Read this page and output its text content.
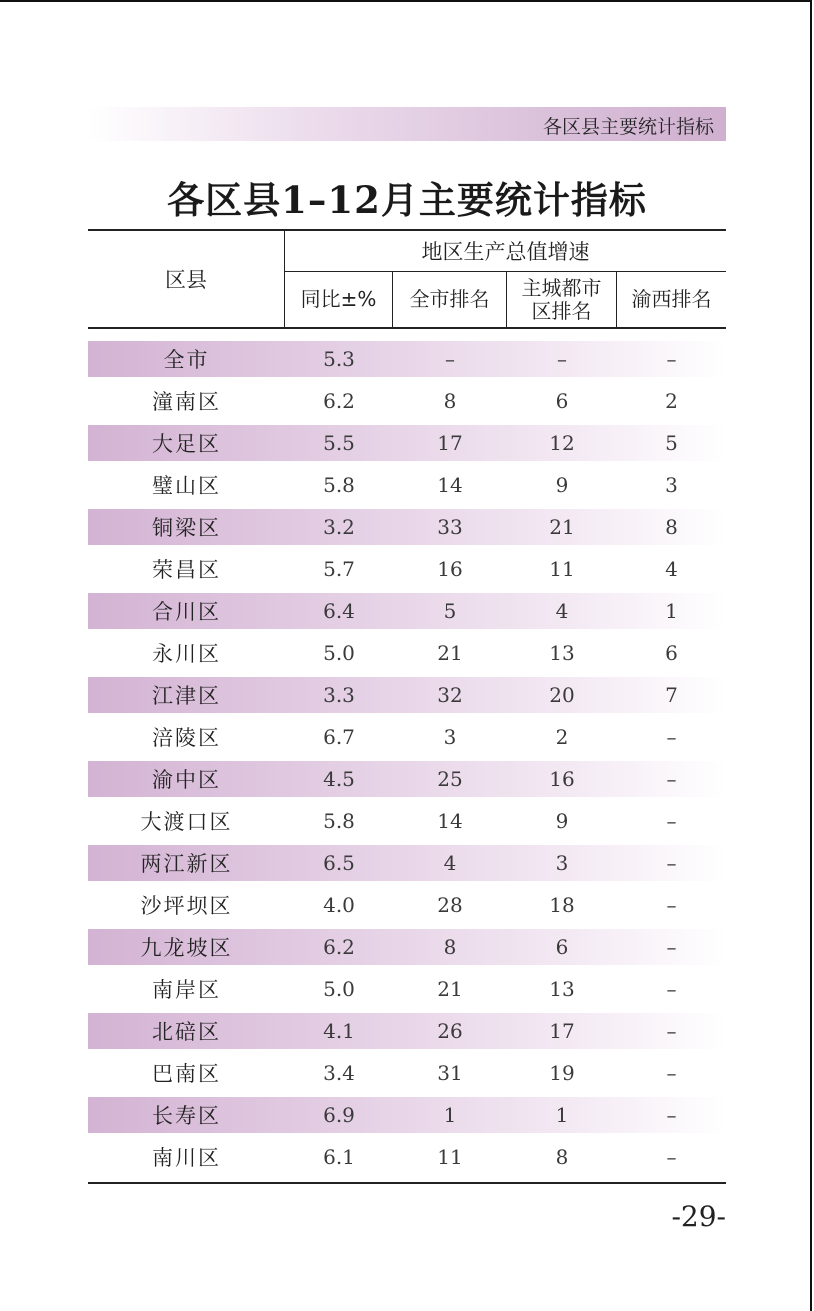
各区县主要统计指标
各区县1–12月主要统计指标
区县
地区生产总值增速
同比±%	全市排名	主城都市区排名	渝西排名
全市	5.3	–	–	–
潼南区	6.2	8	6	2
大足区	5.5	17	12	5
璧山区	5.8	14	9	3
铜梁区	3.2	33	21	8
荣昌区	5.7	16	11	4
合川区	6.4	5	4	1
永川区	5.0	21	13	6
江津区	3.3	32	20	7
涪陵区	6.7	3	2	–
渝中区	4.5	25	16	–
大渡口区	5.8	14	9	–
两江新区	6.5	4	3	–
沙坪坝区	4.0	28	18	–
九龙坡区	6.2	8	6	–
南岸区	5.0	21	13	–
北碚区	4.1	26	17	–
巴南区	3.4	31	19	–
长寿区	6.9	1	1	–
南川区	6.1	11	8	–
-29-
